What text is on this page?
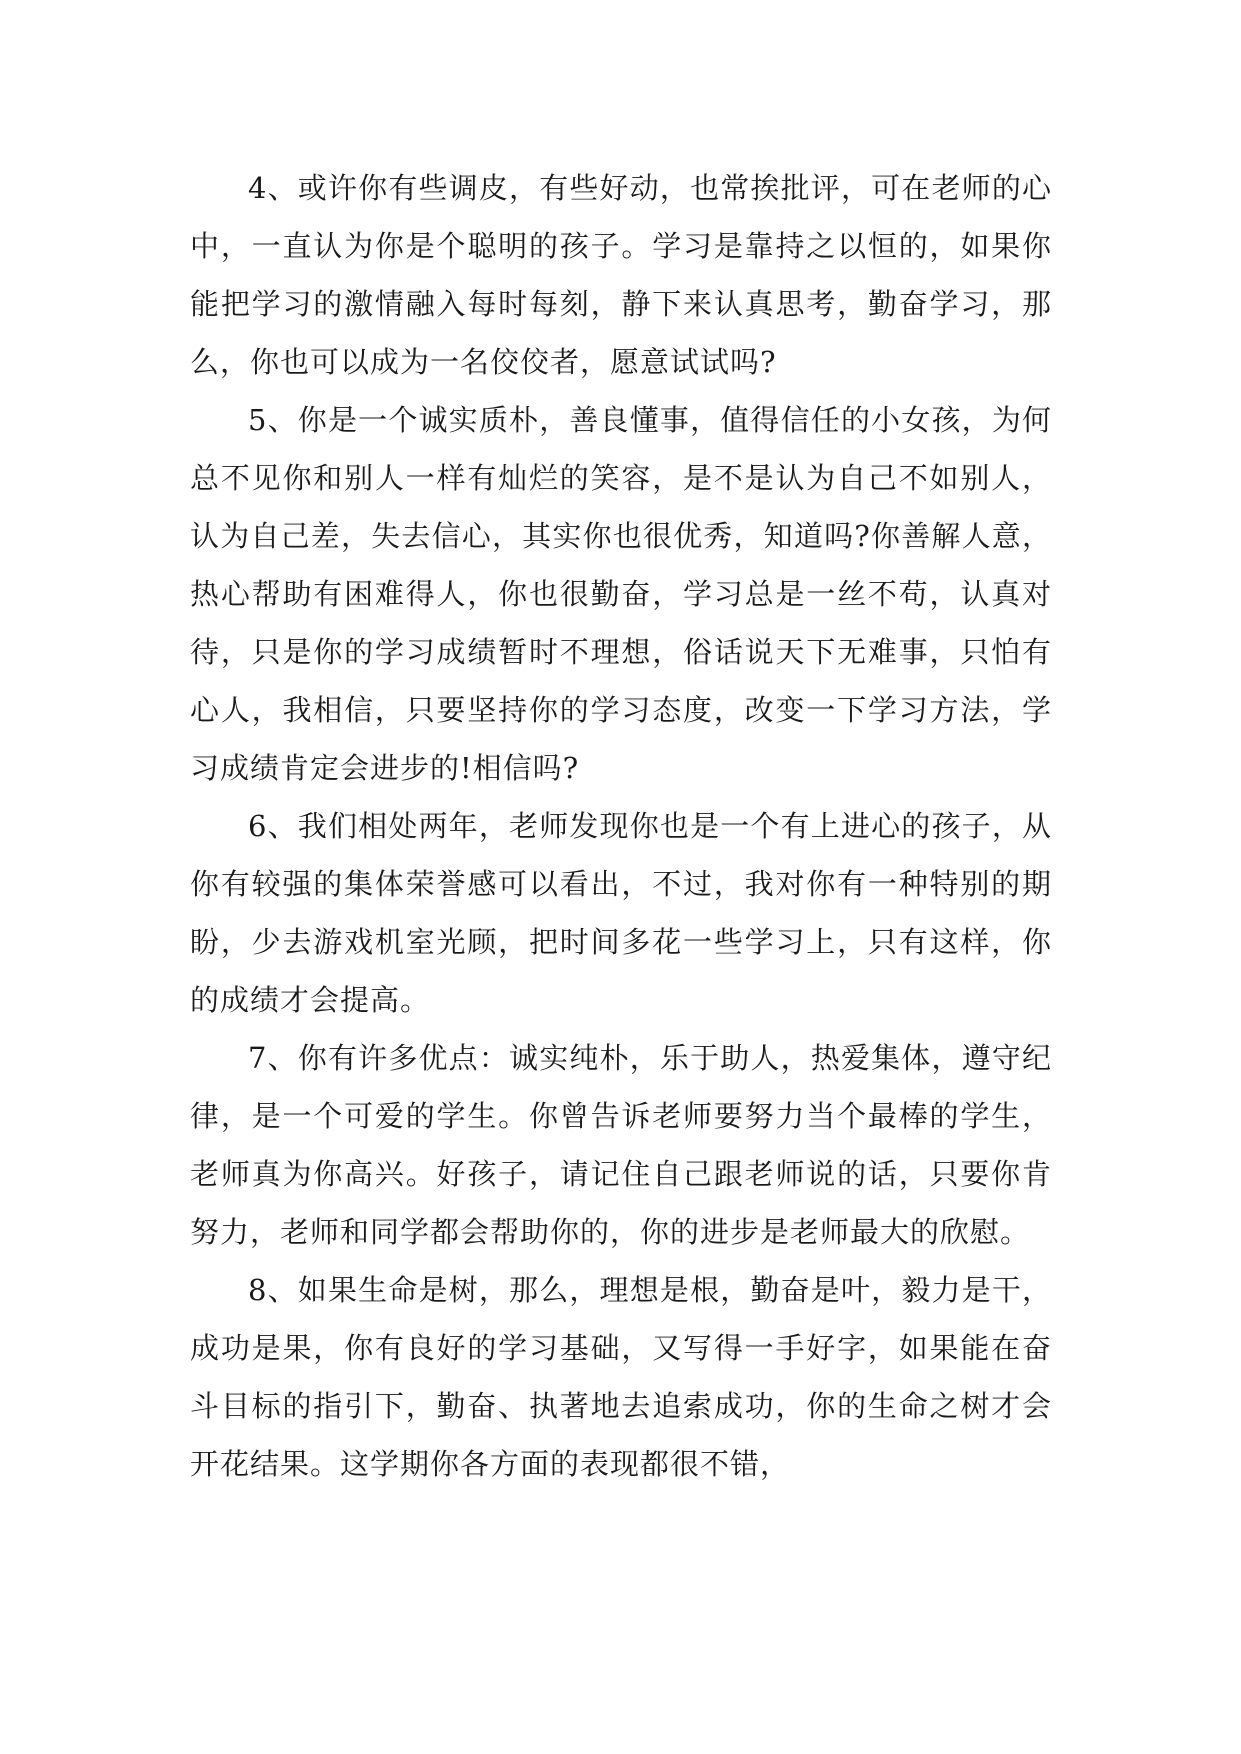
4、或许你有些调皮，有些好动，也常挨批评，可在老师的心中，一直认为你是个聪明的孩子。学习是靠持之以恒的，如果你能把学习的激情融入每时每刻，静下来认真思考，勤奋学习，那么，你也可以成为一名佼佼者，愿意试试吗?

5、你是一个诚实质朴，善良懂事，值得信任的小女孩，为何总不见你和别人一样有灿烂的笑容，是不是认为自己不如别人，认为自己差，失去信心，其实你也很优秀，知道吗?你善解人意，热心帮助有困难得人，你也很勤奋，学习总是一丝不苟，认真对待，只是你的学习成绩暂时不理想，俗话说天下无难事，只怕有心人，我相信，只要坚持你的学习态度，改变一下学习方法，学习成绩肯定会进步的!相信吗?

6、我们相处两年，老师发现你也是一个有上进心的孩子，从你有较强的集体荣誉感可以看出，不过，我对你有一种特别的期盼，少去游戏机室光顾，把时间多花一些学习上，只有这样，你的成绩才会提高。

7、你有许多优点：诚实纯朴，乐于助人，热爱集体，遵守纪律，是一个可爱的学生。你曾告诉老师要努力当个最棒的学生，老师真为你高兴。好孩子，请记住自己跟老师说的话，只要你肯努力，老师和同学都会帮助你的，你的进步是老师最大的欣慰。

8、如果生命是树，那么，理想是根，勤奋是叶，毅力是干，成功是果，你有良好的学习基础，又写得一手好字，如果能在奋斗目标的指引下，勤奋、执著地去追索成功，你的生命之树才会开花结果。这学期你各方面的表现都很不错，
